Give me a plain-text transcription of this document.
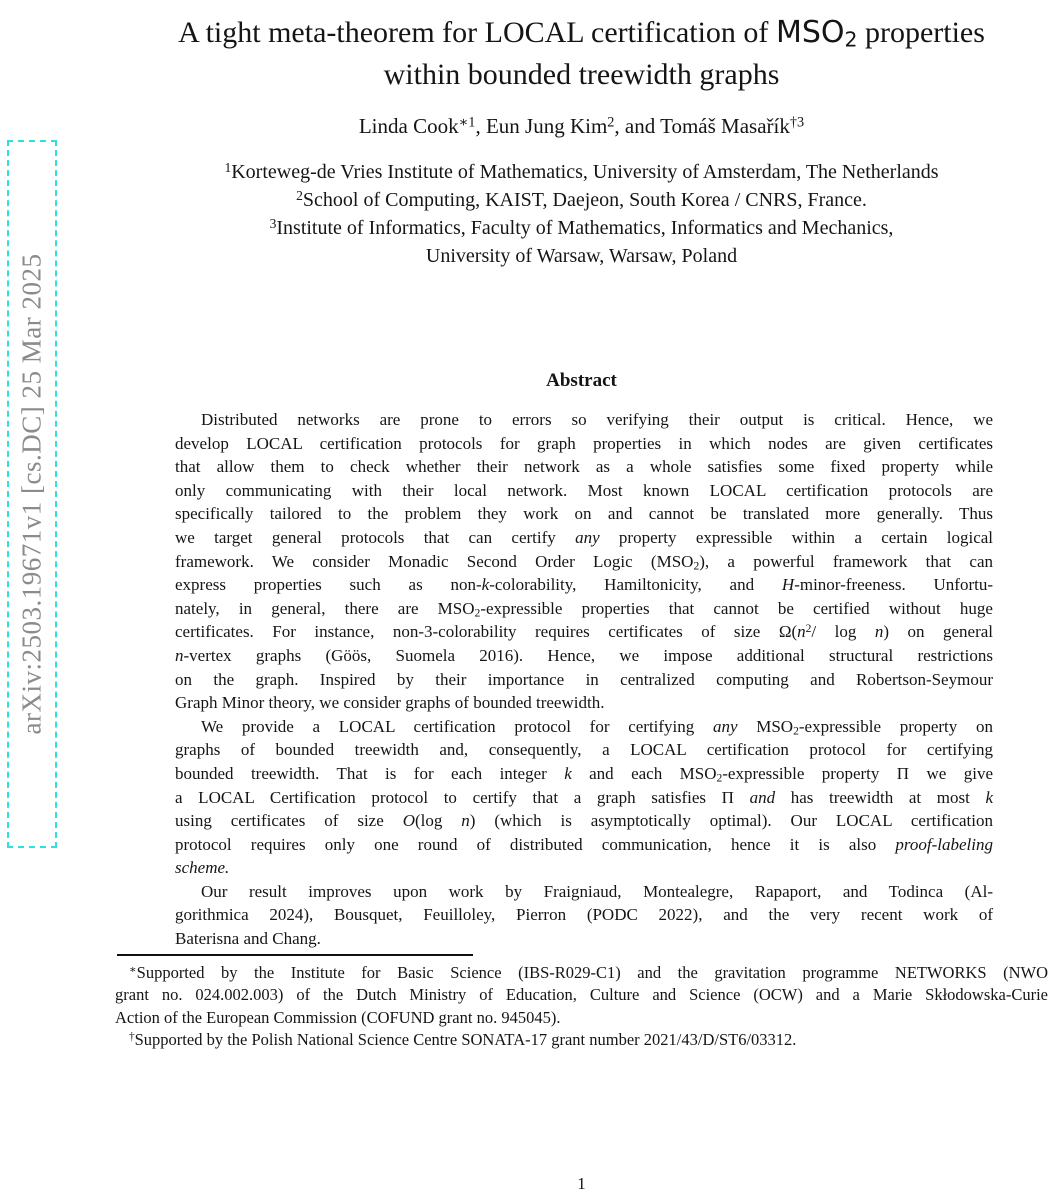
arXiv:2503.19671v1 [cs.DC] 25 Mar 2025
A tight meta-theorem for LOCAL certification of $MSO_2$ properties
within bounded treewidth graphs
Linda Cook$^{∗1}$, Eun Jung Kim$^2$, and Tomáš Masařík$^{\dagger 3}$
$^1$Korteweg-de Vries Institute of Mathematics, University of Amsterdam, The Netherlands
$^2$School of Computing, KAIST, Daejeon, South Korea / CNRS, France.
$^3$Institute of Informatics, Faculty of Mathematics, Informatics and Mechanics,
University of Warsaw, Warsaw, Poland
Abstract
Distributed networks are prone to errors so verifying their output is critical. Hence, we
develop LOCAL certification protocols for graph properties in which nodes are given certificates
that allow them to check whether their network as a whole satisfies some fixed property while
only communicating with their local network. Most known LOCAL certification protocols are
specifically tailored to the problem they work on and cannot be translated more generally. Thus
we target general protocols that can certify any property expressible within a certain logical
framework. We consider Monadic Second Order Logic $(MSO_2)$, a powerful framework that can
express properties such as non-k-colorability, Hamiltonicity, and H-minor-freeness. Unfortu-
nately, in general, there are $MSO_2$-expressible properties that cannot be certified without huge
certificates. For instance, non-3-colorability requires certificates of size $\Omega(n^2/$ log n) on general
n-vertex graphs (Göös, Suomela 2016). Hence, we impose additional structural restrictions
on the graph. Inspired by their importance in centralized computing and Robertson-Seymour
Graph Minor theory, we consider graphs of bounded treewidth.
We provide a LOCAL certification protocol for certifying any $MSO_2$-expressible property on
graphs of bounded treewidth and, consequently, a LOCAL certification protocol for certifying
bounded treewidth. That is for each integer k and each $MSO_2$-expressible property Π we give
a LOCAL Certification protocol to certify that a graph satisfies Π and has treewidth at most k
using certificates of size O(log n) (which is asymptotically optimal). Our LOCAL certification
protocol requires only one round of distributed communication, hence it is also proof-labeling
scheme.
Our result improves upon work by Fraigniaud, Montealegre, Rapaport, and Todinca (Al-
gorithmica 2024), Bousquet, Feuilloley, Pierron (PODC 2022), and the very recent work of
Baterisna and Chang.
∗Supported by the Institute for Basic Science (IBS-R029-C1) and the gravitation programme NETWORKS (NWO
grant no. 024.002.003) of the Dutch Ministry of Education, Culture and Science (OCW) and a Marie Skłodowska-Curie
Action of the European Commission (COFUND grant no. 945045).
†Supported by the Polish National Science Centre SONATA-17 grant number 2021/43/D/ST6/03312.
1
